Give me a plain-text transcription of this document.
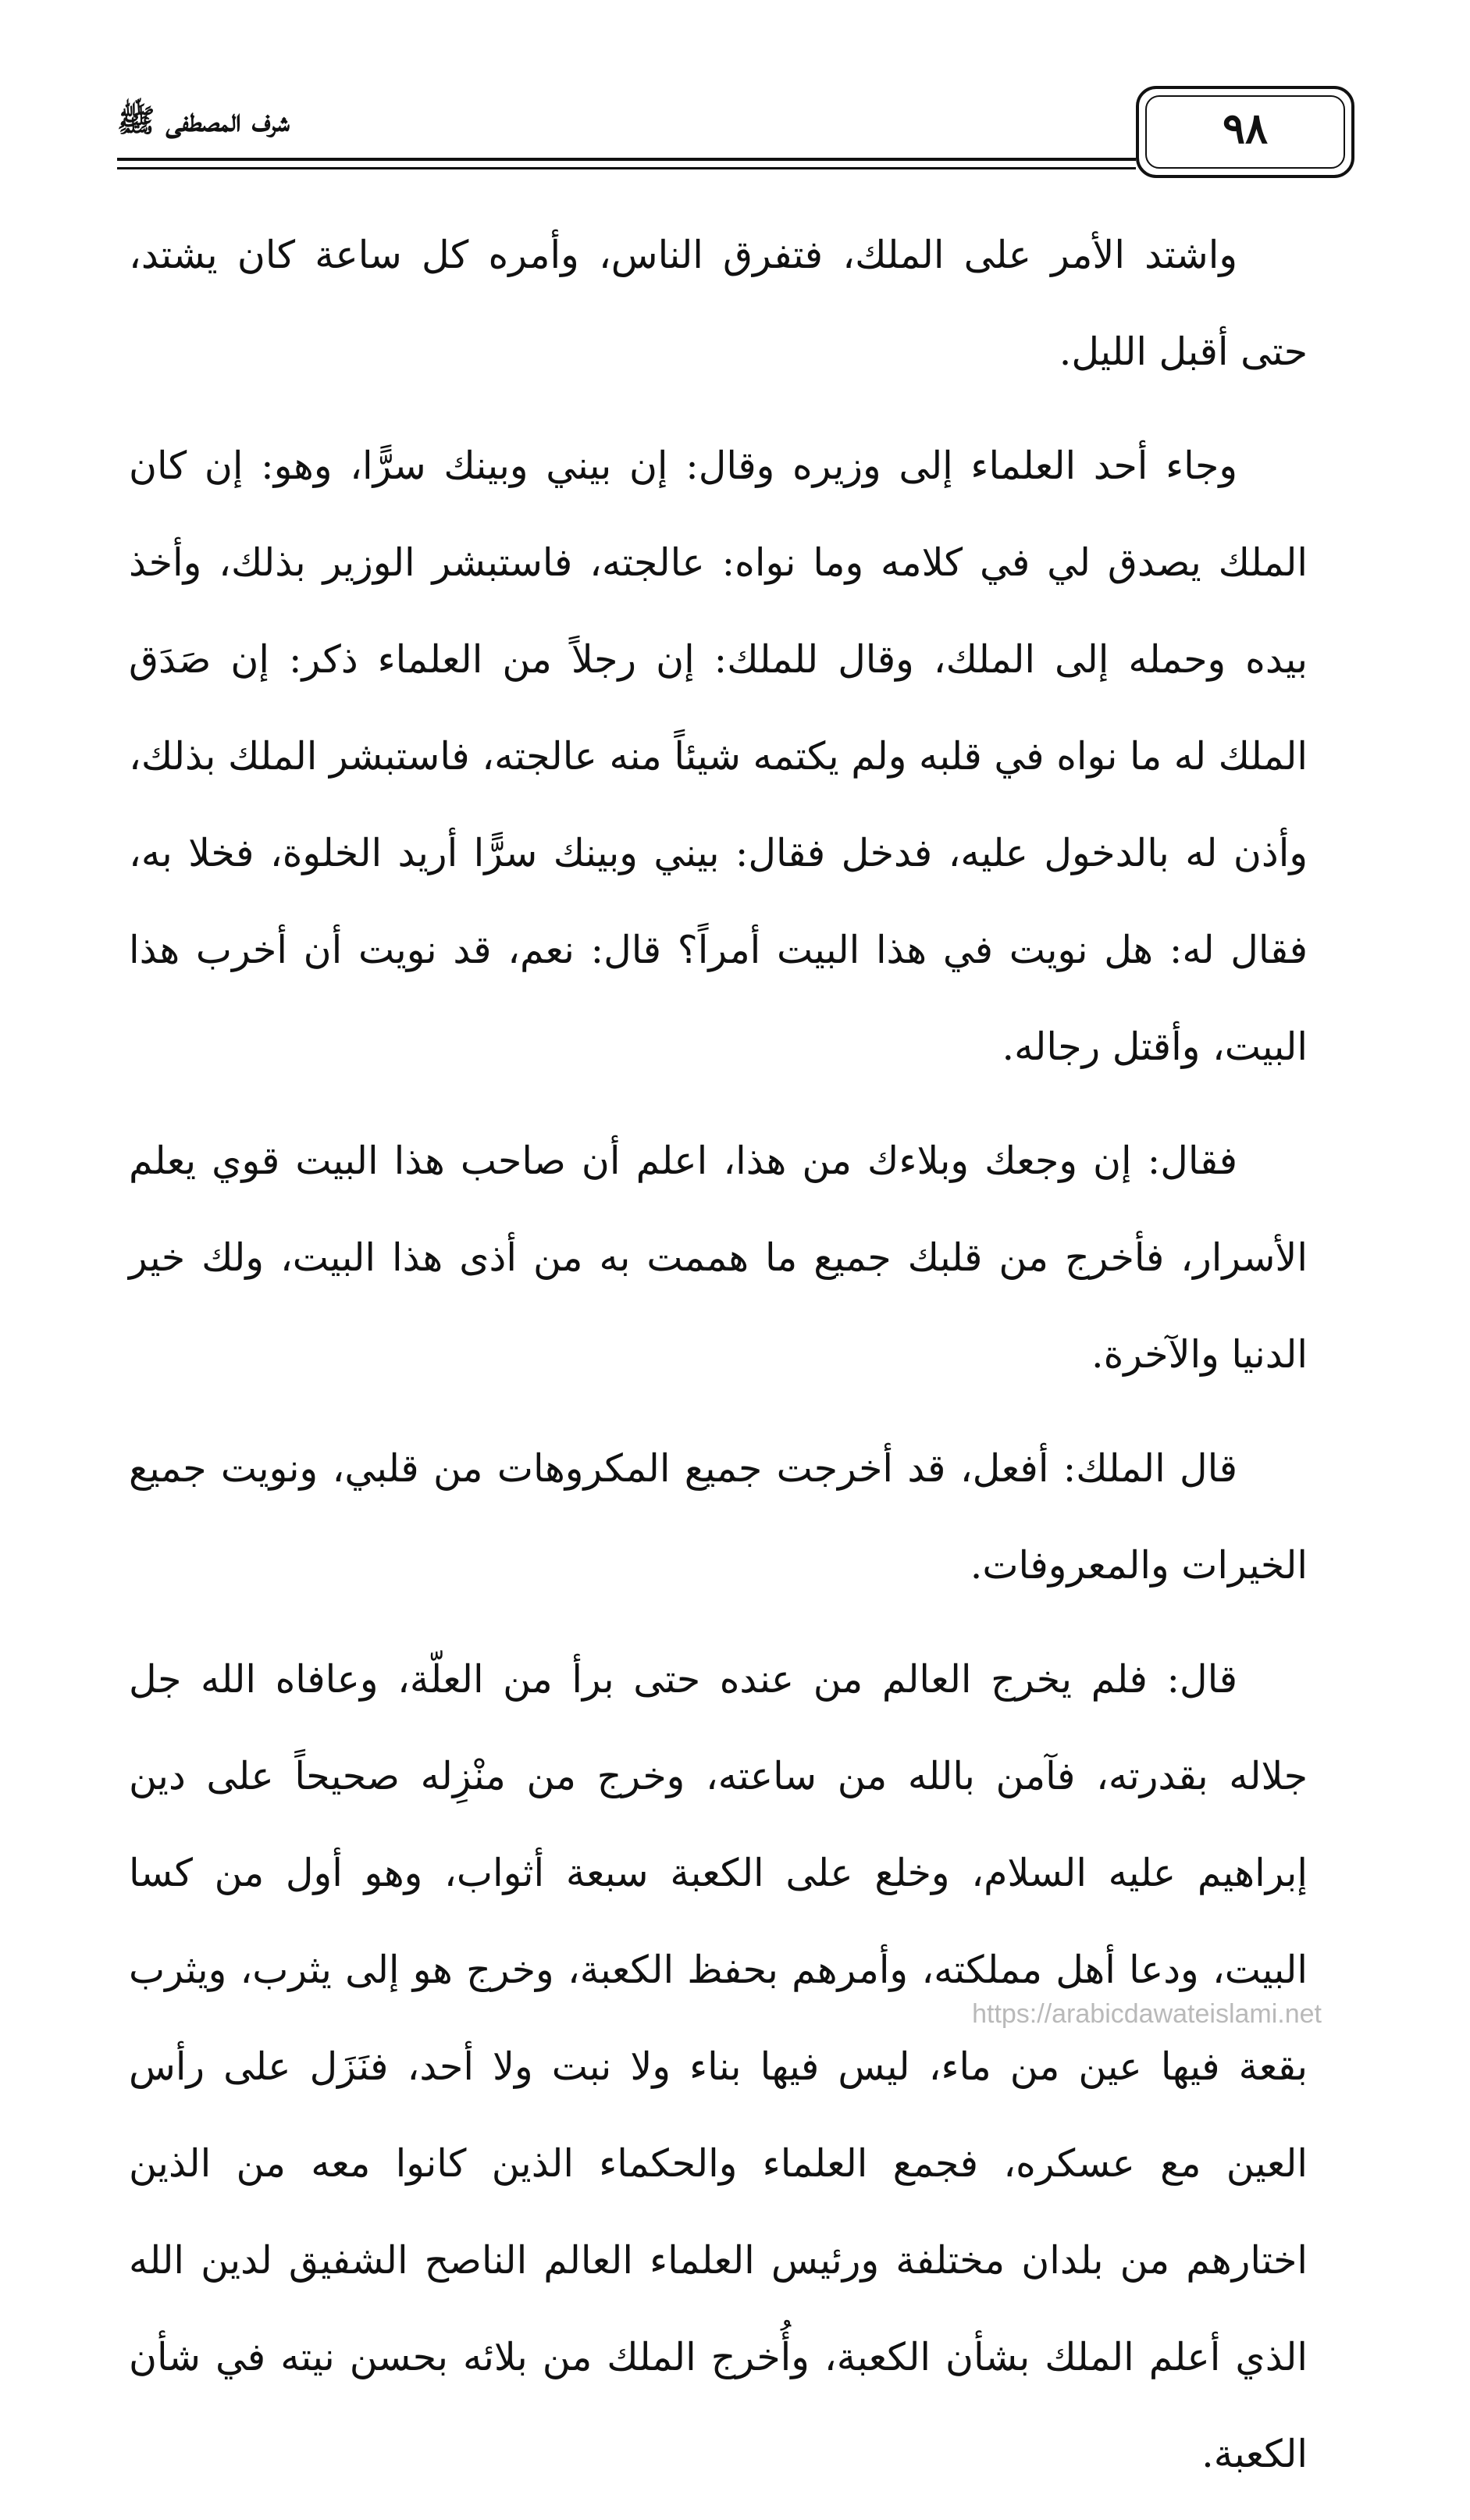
شرف المصطفى ﷺ	٩٨

واشتد الأمر على الملك، فتفرق الناس، وأمره كل ساعة كان يشتد، حتى أقبل الليل.

وجاء أحد العلماء إلى وزيره وقال: إن بيني وبينك سرًّا، وهو: إن كان الملك يصدق لي في كلامه وما نواه: عالجته، فاستبشر الوزير بذلك، وأخذ بيده وحمله إلى الملك، وقال للملك: إن رجلاً من العلماء ذكر: إن صَدَق الملك له ما نواه في قلبه ولم يكتمه شيئاً منه عالجته، فاستبشر الملك بذلك، وأذن له بالدخول عليه، فدخل فقال: بيني وبينك سرًّا أريد الخلوة، فخلا به، فقال له: هل نويت في هذا البيت أمراً؟ قال: نعم، قد نويت أن أخرب هذا البيت، وأقتل رجاله.

فقال: إن وجعك وبلاءك من هذا، اعلم أن صاحب هذا البيت قوي يعلم الأسرار، فأخرج من قلبك جميع ما هممت به من أذى هذا البيت، ولك خير الدنيا والآخرة.

قال الملك: أفعل، قد أخرجت جميع المكروهات من قلبي، ونويت جميع الخيرات والمعروفات.

قال: فلم يخرج العالم من عنده حتى برأ من العلّة، وعافاه الله جل جلاله بقدرته، فآمن بالله من ساعته، وخرج من منْزِله صحيحاً على دين إبراهيم عليه السلام، وخلع على الكعبة سبعة أثواب، وهو أول من كسا البيت، ودعا أهل مملكته، وأمرهم بحفظ الكعبة، وخرج هو إلى يثرب، ويثرب بقعة فيها عين من ماء، ليس فيها بناء ولا نبت ولا أحد، فنَزَل على رأس العين مع عسكره، فجمع العلماء والحكماء الذين كانوا معه من الذين اختارهم من بلدان مختلفة ورئيس العلماء العالم الناصح الشفيق لدين الله الذي أعلم الملك بشأن الكعبة، وأُخرج الملك من بلائه بحسن نيته في شأن الكعبة.

https://arabicdawateislami.net
